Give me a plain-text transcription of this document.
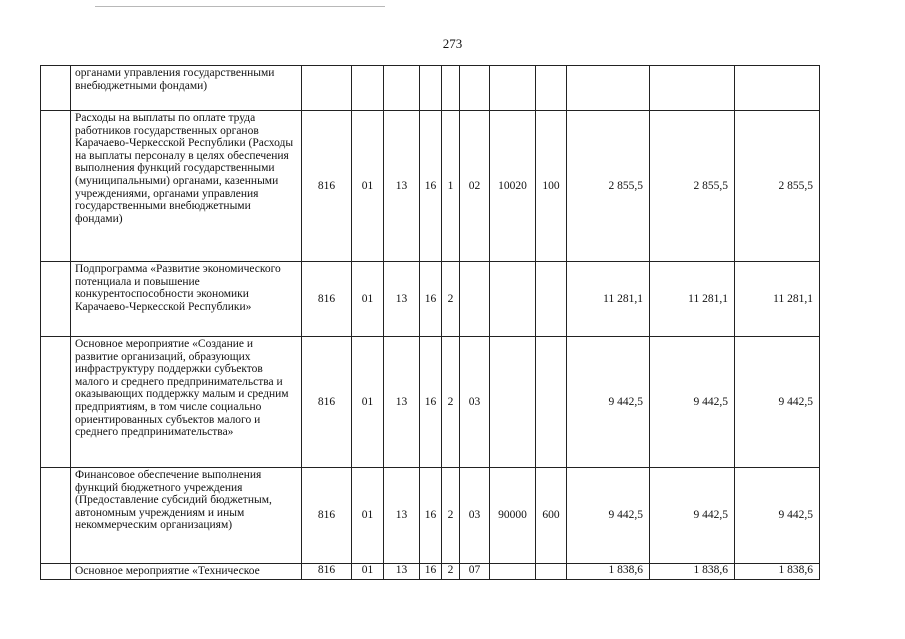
273
	органами управления государственными внебюджетными фондами)											
	Расходы на выплаты по оплате труда работников государственных органов Карачаево-Черкесской Республики (Расходы на выплаты персоналу в целях обеспечения выполнения функций государственными (муниципальными) органами, казенными учреждениями, органами управления государственными внебюджетными фондами)	816	01	13	16	1	02	10020	100	2 855,5	2 855,5	2 855,5
	Подпрограмма «Развитие экономического потенциала и повышение конкурентоспособности экономики Карачаево-Черкесской Республики»	816	01	13	16	2				11 281,1	11 281,1	11 281,1
	Основное мероприятие «Создание и развитие организаций, образующих инфраструктуру поддержки субъектов малого и среднего предпринимательства и оказывающих поддержку малым и средним предприятиям, в том числе социально ориентированных субъектов малого и среднего предпринимательства»	816	01	13	16	2	03			9 442,5	9 442,5	9 442,5
	Финансовое обеспечение выполнения функций бюджетного учреждения (Предоставление субсидий бюджетным, автономным учреждениям и иным некоммерческим организациям)	816	01	13	16	2	03	90000	600	9 442,5	9 442,5	9 442,5
	Основное мероприятие «Техническое	816	01	13	16	2	07			1 838,6	1 838,6	1 838,6
